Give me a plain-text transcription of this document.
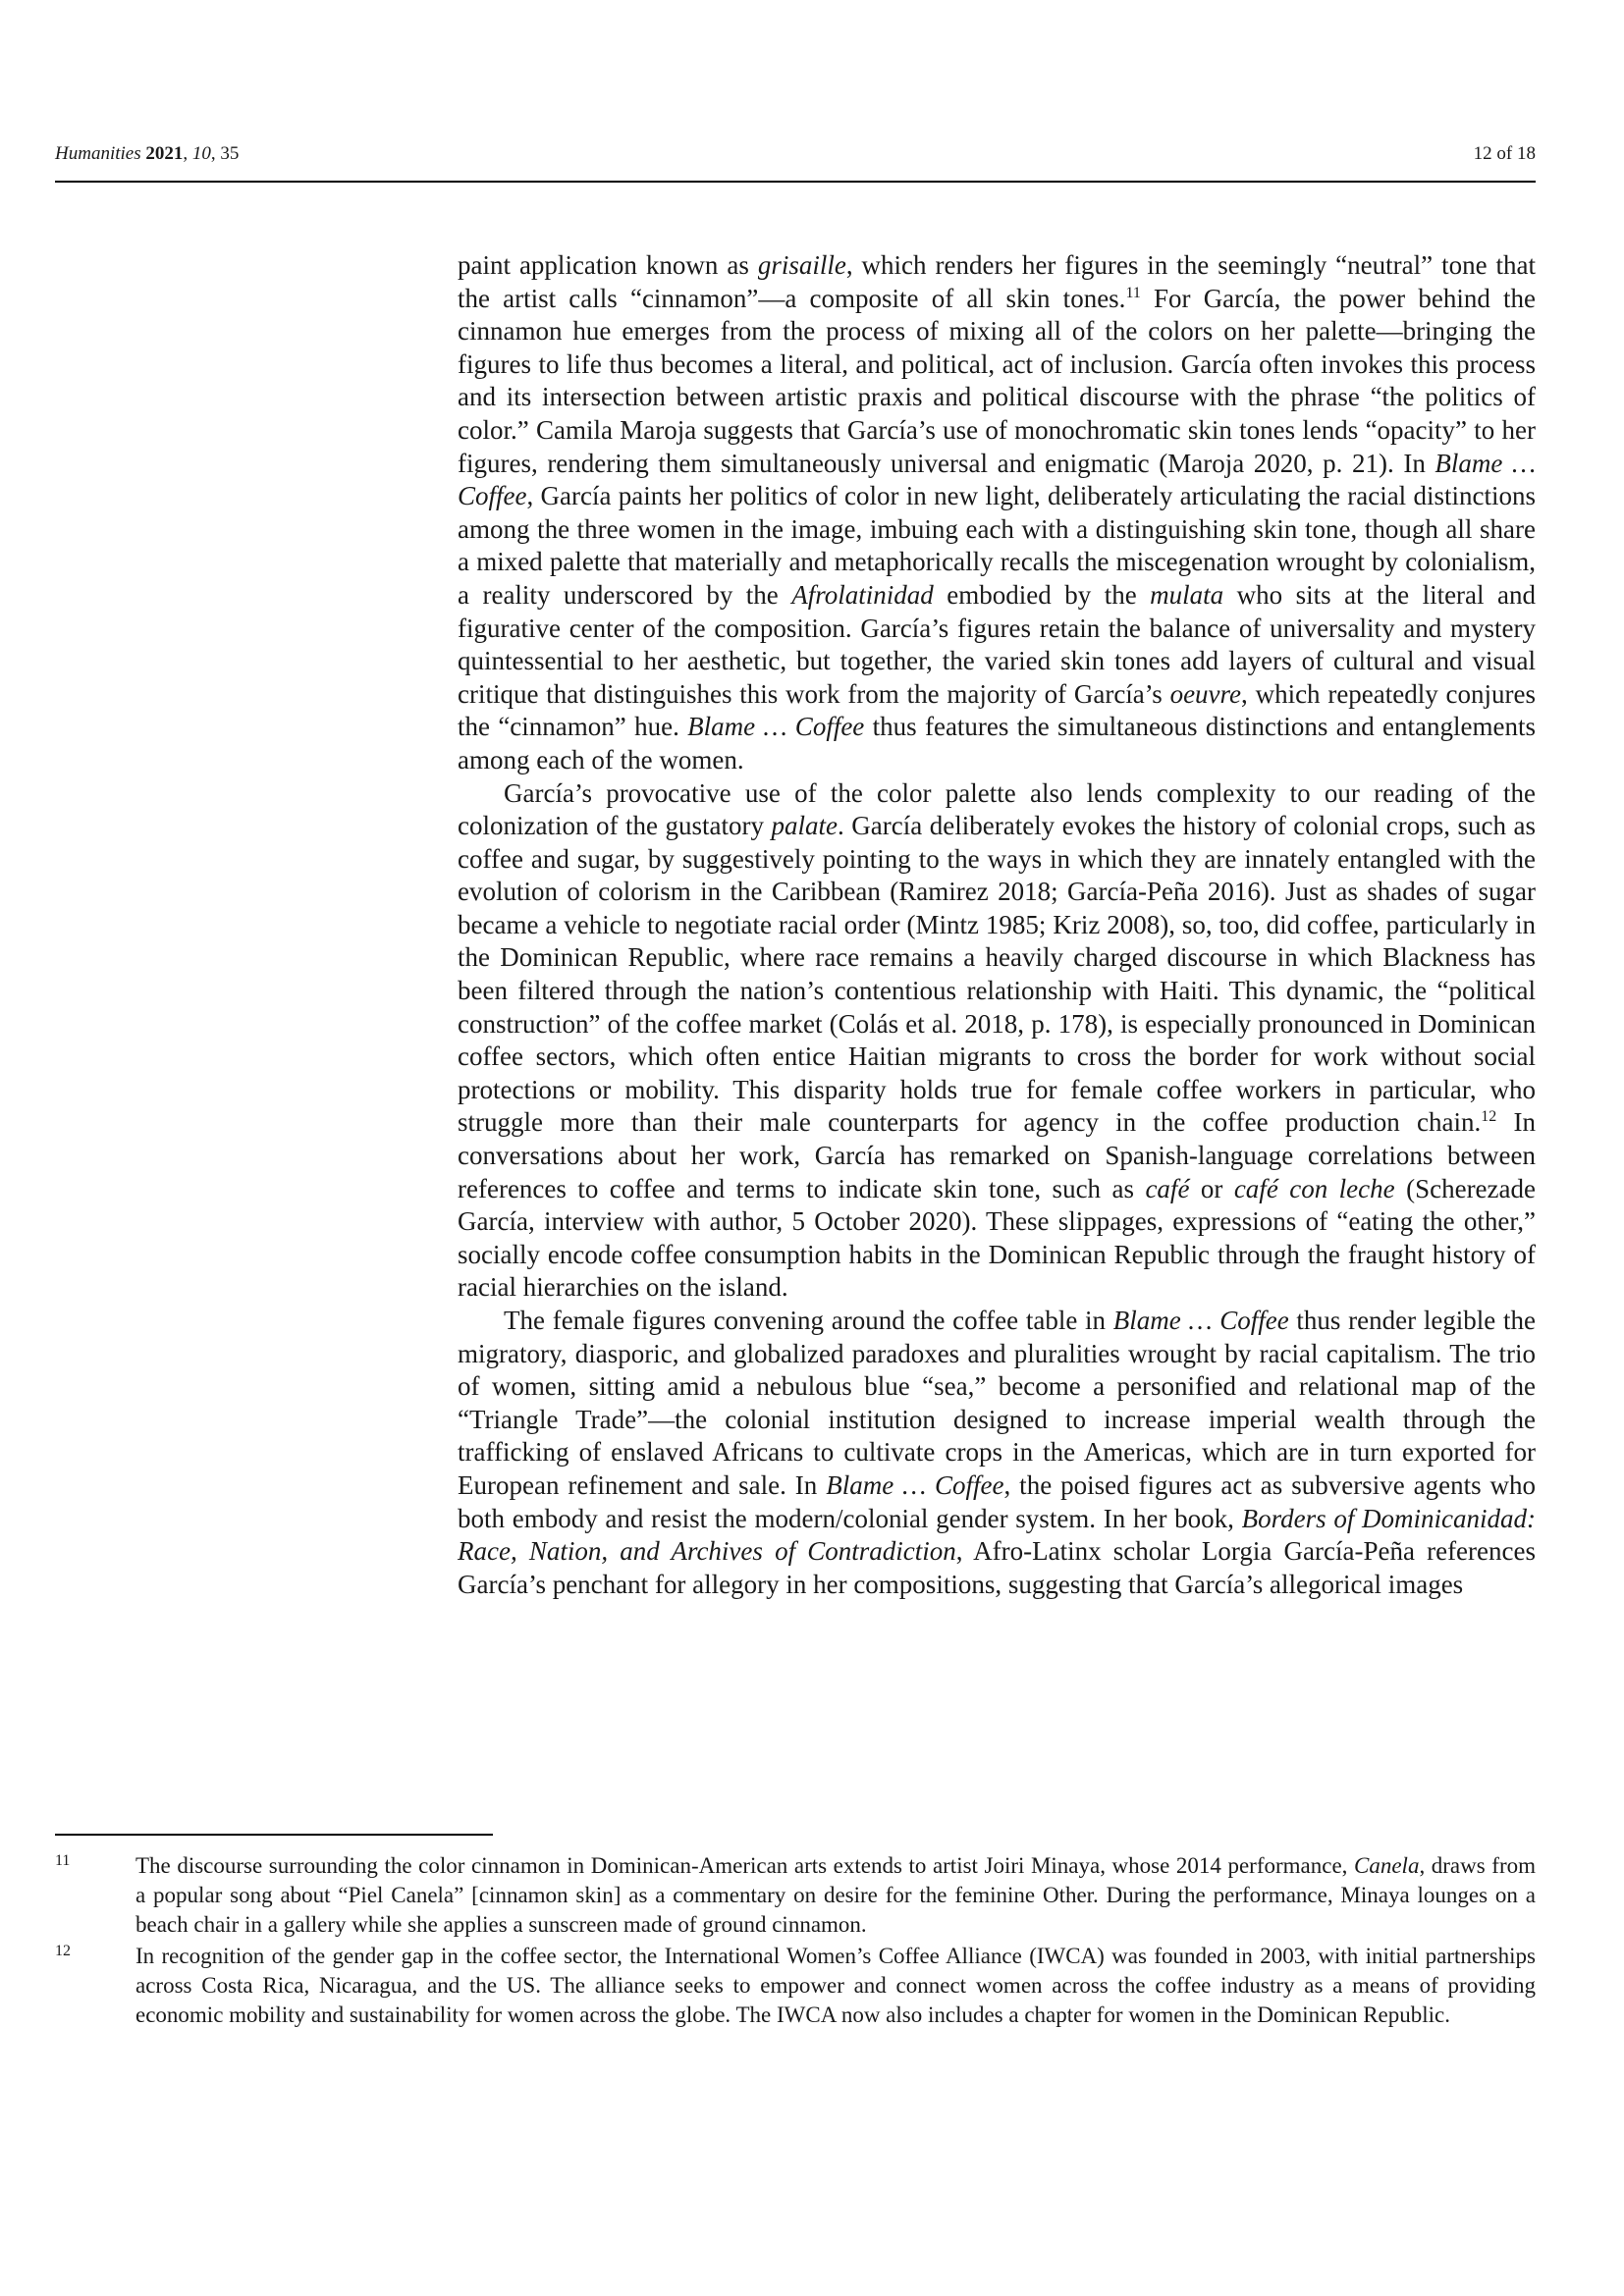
Humanities 2021, 10, 35	12 of 18

paint application known as grisaille, which renders her figures in the seemingly “neutral” tone that the artist calls “cinnamon”—a composite of all skin tones.$^{11}$ For García, the power behind the cinnamon hue emerges from the process of mixing all of the colors on her palette—bringing the figures to life thus becomes a literal, and political, act of inclusion. García often invokes this process and its intersection between artistic praxis and political discourse with the phrase “the politics of color.” Camila Maroja suggests that García’s use of monochromatic skin tones lends “opacity” to her figures, rendering them simultaneously universal and enigmatic (Maroja 2020, p. 21). In Blame … Coffee, García paints her politics of color in new light, deliberately articulating the racial distinctions among the three women in the image, imbuing each with a distinguishing skin tone, though all share a mixed palette that materially and metaphorically recalls the miscegenation wrought by colonialism, a reality underscored by the Afrolatinidad embodied by the mulata who sits at the literal and figurative center of the composition. García’s figures retain the balance of universality and mystery quintessential to her aesthetic, but together, the varied skin tones add layers of cultural and visual critique that distinguishes this work from the majority of García’s oeuvre, which repeatedly conjures the “cinnamon” hue. Blame … Coffee thus features the simultaneous distinctions and entanglements among each of the women.

García’s provocative use of the color palette also lends complexity to our reading of the colonization of the gustatory palate. García deliberately evokes the history of colonial crops, such as coffee and sugar, by suggestively pointing to the ways in which they are innately entangled with the evolution of colorism in the Caribbean (Ramirez 2018; García-Peña 2016). Just as shades of sugar became a vehicle to negotiate racial order (Mintz 1985; Kriz 2008), so, too, did coffee, particularly in the Dominican Republic, where race remains a heavily charged discourse in which Blackness has been filtered through the nation’s contentious relationship with Haiti. This dynamic, the “political construction” of the coffee market (Colás et al. 2018, p. 178), is especially pronounced in Dominican coffee sectors, which often entice Haitian migrants to cross the border for work without social protections or mobility. This disparity holds true for female coffee workers in particular, who struggle more than their male counterparts for agency in the coffee production chain.$^{12}$ In conversations about her work, García has remarked on Spanish-language correlations between references to coffee and terms to indicate skin tone, such as café or café con leche (Scherezade García, interview with author, 5 October 2020). These slippages, expressions of “eating the other,” socially encode coffee consumption habits in the Dominican Republic through the fraught history of racial hierarchies on the island.

The female figures convening around the coffee table in Blame … Coffee thus render legible the migratory, diasporic, and globalized paradoxes and pluralities wrought by racial capitalism. The trio of women, sitting amid a nebulous blue “sea,” become a personified and relational map of the “Triangle Trade”—the colonial institution designed to increase imperial wealth through the trafficking of enslaved Africans to cultivate crops in the Americas, which are in turn exported for European refinement and sale. In Blame … Coffee, the poised figures act as subversive agents who both embody and resist the modern/colonial gender system. In her book, Borders of Dominicanidad: Race, Nation, and Archives of Contradiction, Afro-Latinx scholar Lorgia García-Peña references García’s penchant for allegory in her compositions, suggesting that García’s allegorical images

11	The discourse surrounding the color cinnamon in Dominican-American arts extends to artist Joiri Minaya, whose 2014 performance, Canela, draws from a popular song about “Piel Canela” [cinnamon skin] as a commentary on desire for the feminine Other. During the performance, Minaya lounges on a beach chair in a gallery while she applies a sunscreen made of ground cinnamon.
12	In recognition of the gender gap in the coffee sector, the International Women’s Coffee Alliance (IWCA) was founded in 2003, with initial partnerships across Costa Rica, Nicaragua, and the US. The alliance seeks to empower and connect women across the coffee industry as a means of providing economic mobility and sustainability for women across the globe. The IWCA now also includes a chapter for women in the Dominican Republic.
